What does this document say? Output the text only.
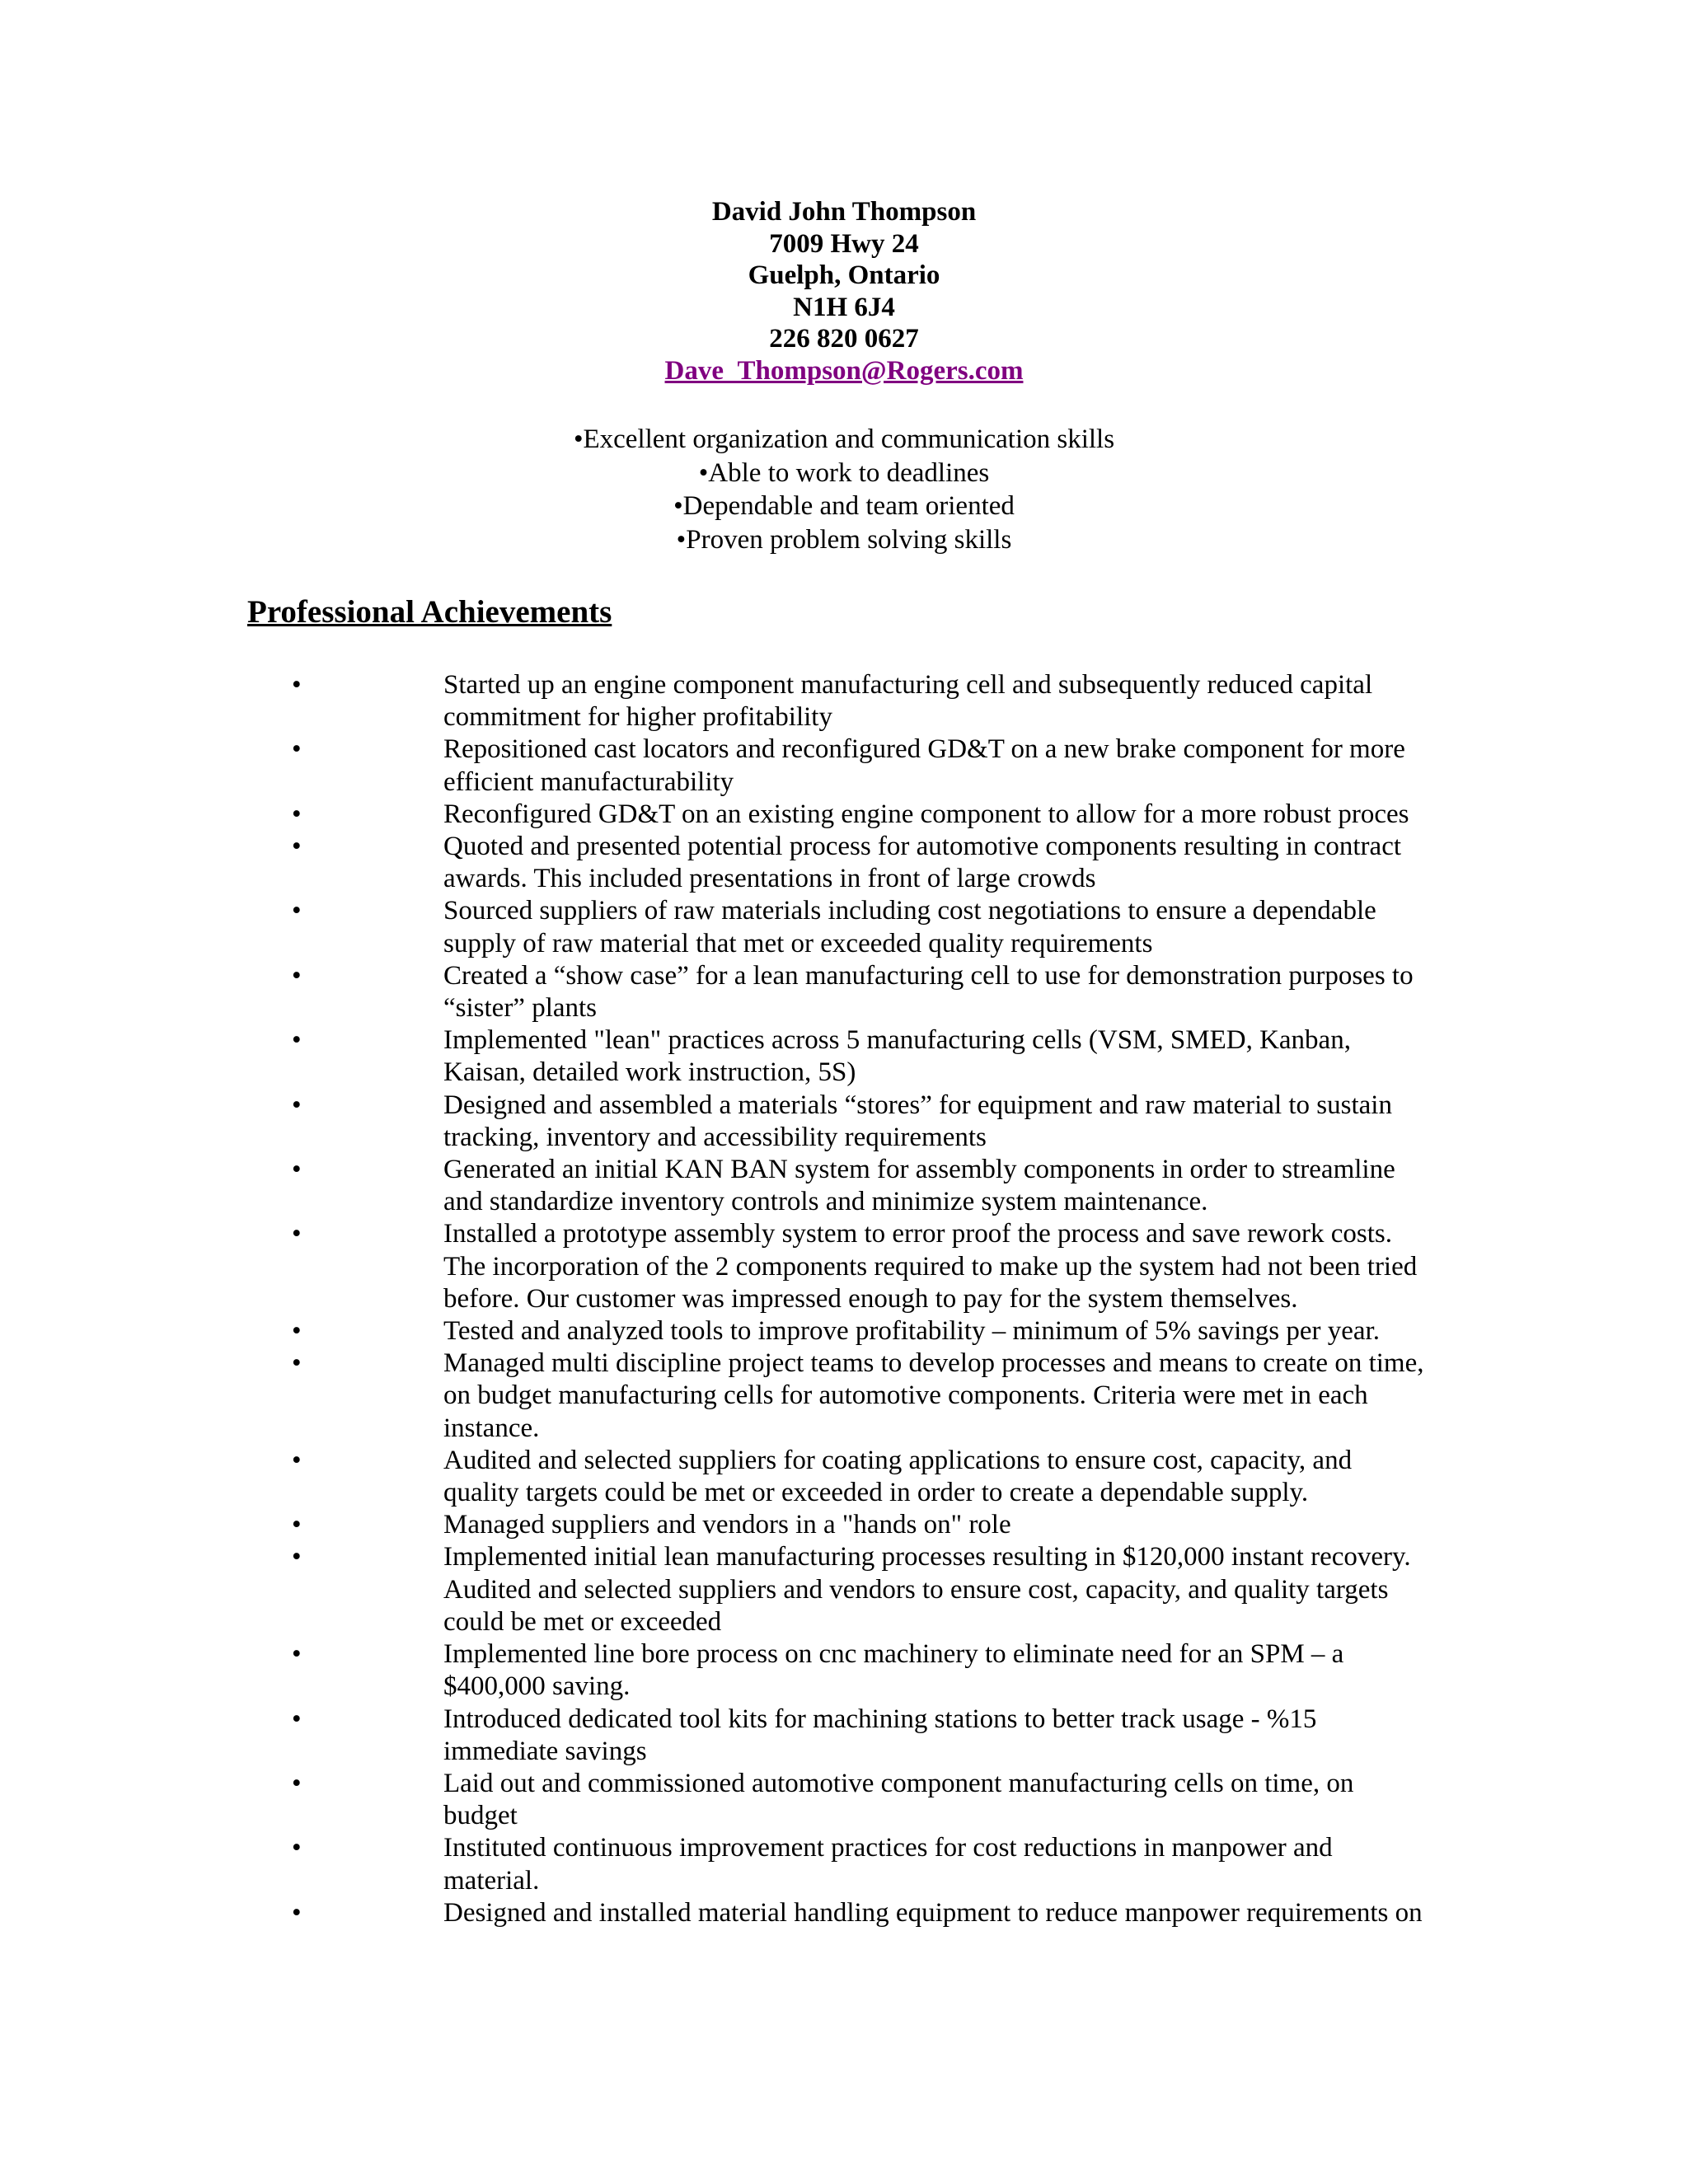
David John Thompson
7009 Hwy 24
Guelph, Ontario
N1H 6J4
226 820 0627
Dave_Thompson@Rogers.com
•Excellent organization and communication skills
•Able to work to deadlines
•Dependable and team oriented
•Proven problem solving skills
Professional Achievements
•	Started up an engine component manufacturing cell and subsequently reduced capital commitment for higher profitability
•	Repositioned cast locators and reconfigured GD&T on a new brake component for more efficient manufacturability
•	Reconfigured GD&T on an existing engine component to allow for a more robust proces
•	Quoted and presented potential process for automotive components resulting in contract awards. This included presentations in front of large crowds
•	Sourced suppliers of raw materials including cost negotiations to ensure a dependable supply of raw material that met or exceeded quality requirements
•	Created a “show case” for a lean manufacturing cell to use for demonstration purposes to “sister” plants
•	Implemented "lean" practices across 5 manufacturing cells (VSM, SMED, Kanban, Kaisan, detailed work instruction, 5S)
•	Designed and assembled a materials “stores” for equipment and raw material to sustain tracking, inventory and accessibility requirements
•	Generated an initial KAN BAN system for assembly components in order to streamline and standardize inventory controls and minimize system maintenance.
•	Installed a prototype assembly system to error proof the process and save rework costs. The incorporation of the 2 components required to make up the system had not been tried before. Our customer was impressed enough to pay for the system themselves.
•	Tested and analyzed tools to improve profitability – minimum of 5% savings per year.
•	Managed multi discipline project teams to develop processes and means to create on time, on budget manufacturing cells for automotive components. Criteria were met in each instance.
•	Audited and selected suppliers for coating applications to ensure cost, capacity, and quality targets could be met or exceeded in order to create a dependable supply.
•	Managed suppliers and vendors in a "hands on" role
•	Implemented initial lean manufacturing processes resulting in $120,000 instant recovery. Audited and selected suppliers and vendors to ensure cost, capacity, and quality targets could be met or exceeded
•	Implemented line bore process on cnc machinery to eliminate need for an SPM – a $400,000 saving.
•	Introduced dedicated tool kits for machining stations to better track usage - %15 immediate savings
•	Laid out and commissioned automotive component manufacturing cells on time, on budget
•	Instituted continuous improvement practices for cost reductions in manpower and material.
•	Designed and installed material handling equipment to reduce manpower requirements on
